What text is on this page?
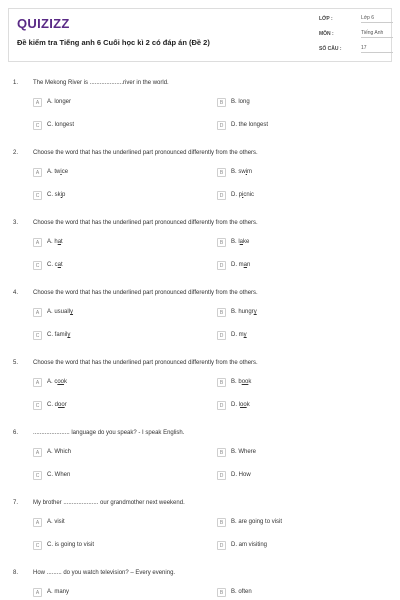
QUIZIZZ
Đề kiểm tra Tiếng anh 6 Cuối học kì 2 có đáp án (Đề 2)
LỚP :	Lớp 6
MÔN :	Tiếng Anh
SỐ CÂU :	17
1. The Mekong River is ....................river in the world.
A	A. longer	B	B. long
C	C. longest	D	D. the longest
2. Choose the word that has the underlined part pronounced differently from the others.
A	A. twice	B	B. swim
C	C. skip	D	D. picnic
3. Choose the word that has the underlined part pronounced differently from the others.
A	A. hat	B	B. lake
C	C. cat	D	D. man
4. Choose the word that has the underlined part pronounced differently from the others.
A	A. usually	B	B. hungry
C	C. family	D	D. my
5. Choose the word that has the underlined part pronounced differently from the others.
A	A. cook	B	B. book
C	C. door	D	D. look
6. ...................... language do you speak? - I speak English.
A	A. Which	B	B. Where
C	C. When	D	D. How
7. My brother ..................... our grandmother next weekend.
A	A. visit	B	B. are going to visit
C	C. is going to visit	D	D. am visiting
8. How ......... do you watch television? – Every evening.
A	A. many	B	B. often
